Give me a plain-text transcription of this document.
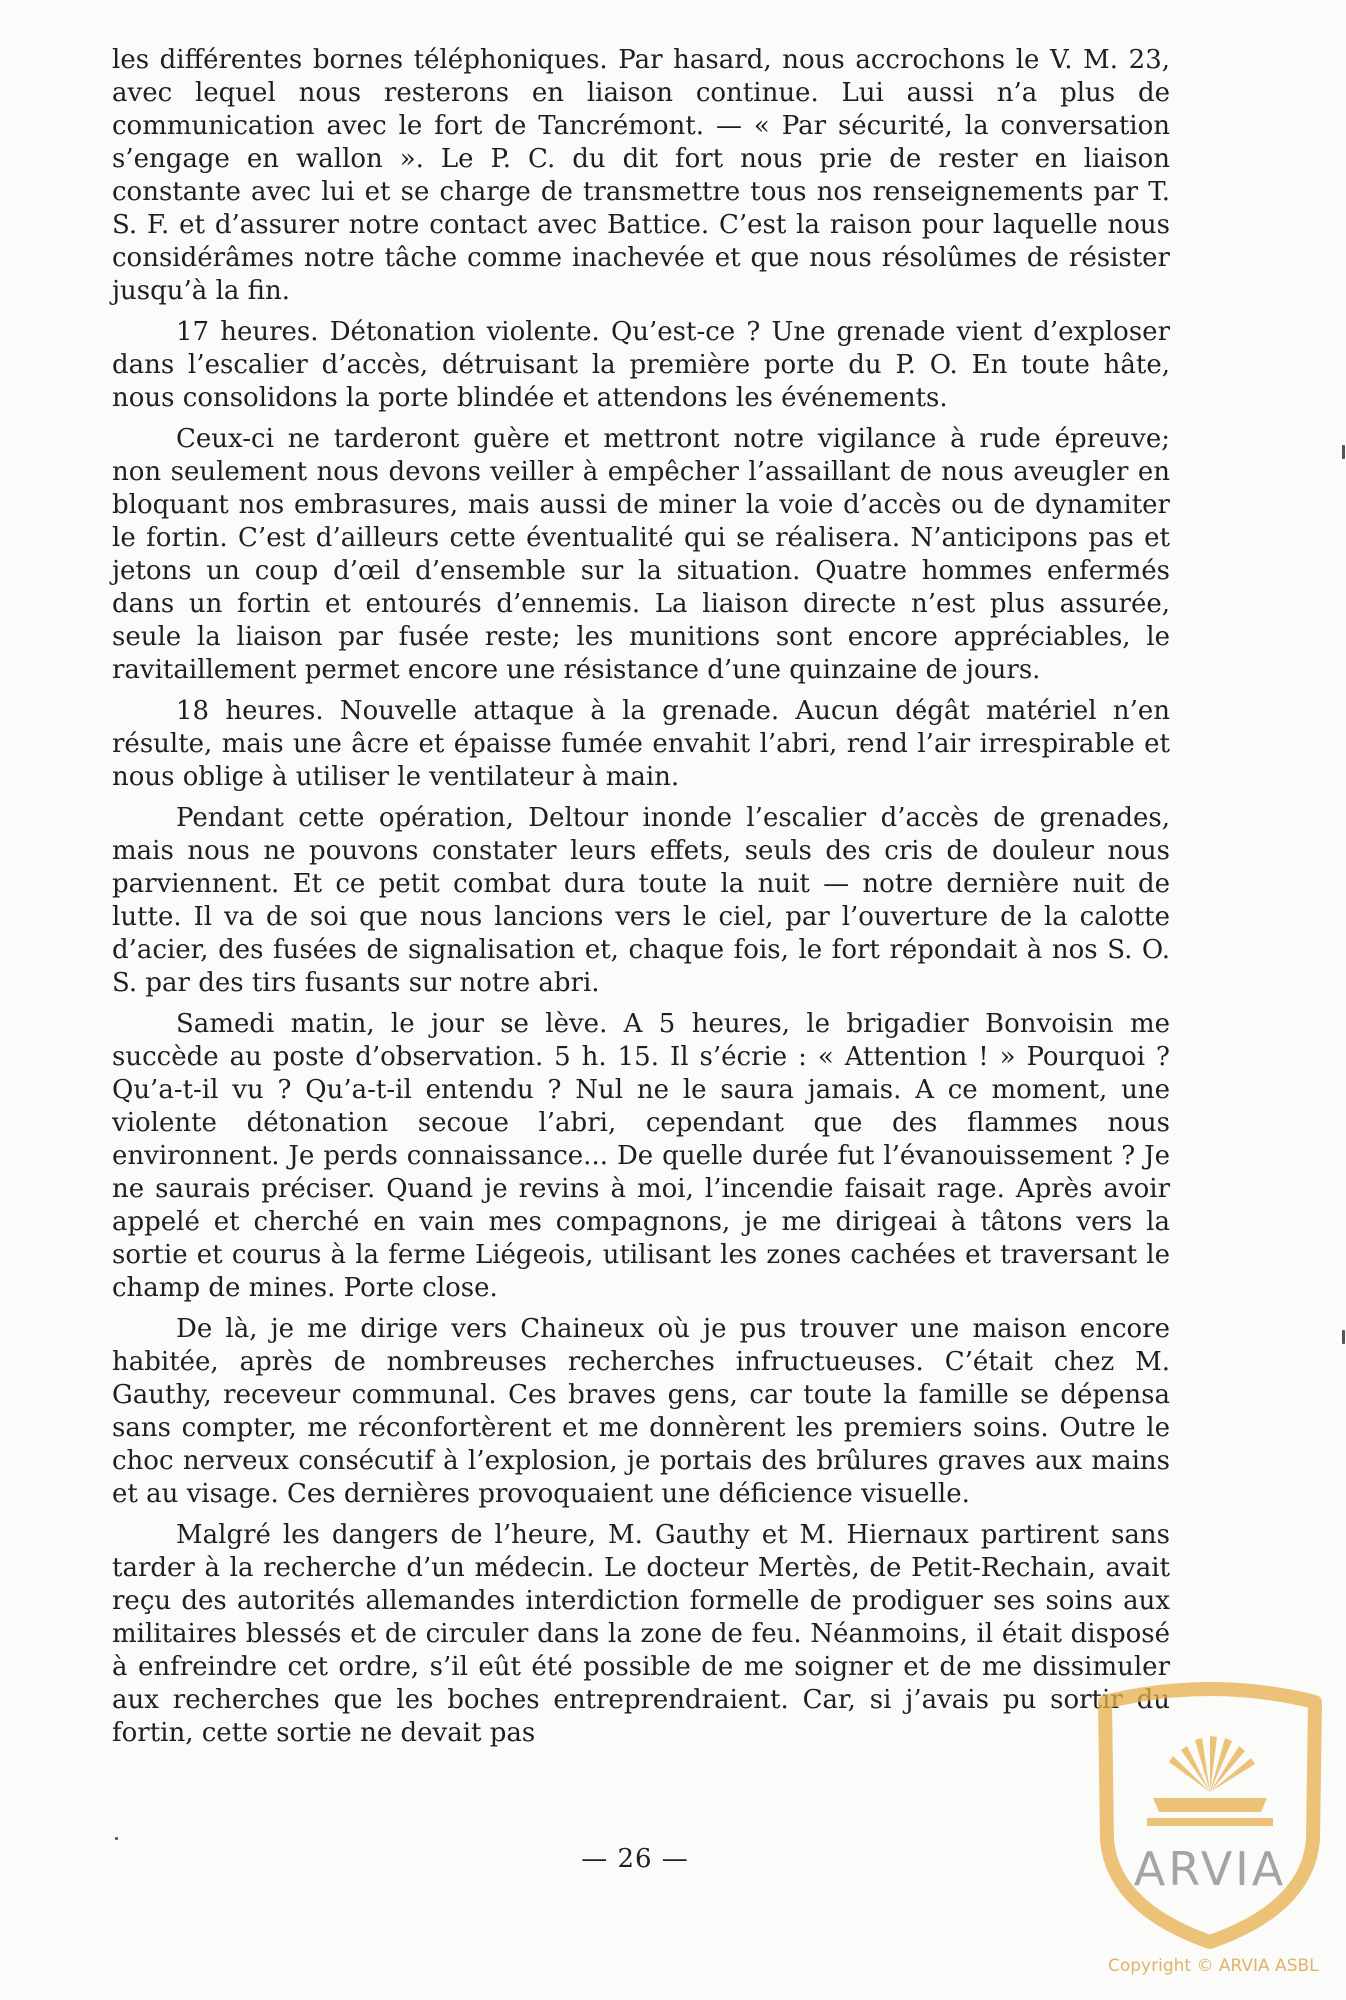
les différentes bornes téléphoniques. Par hasard, nous accrochons le V. M. 23, avec lequel nous resterons en liaison continue. Lui aussi n’a plus de communication avec le fort de Tancrémont. — « Par sécurité, la conversation s’engage en wallon ». Le P. C. du dit fort nous prie de rester en liaison constante avec lui et se charge de transmettre tous nos renseignements par T. S. F. et d’assurer notre contact avec Battice. C’est la raison pour laquelle nous considérâmes notre tâche comme inachevée et que nous résolûmes de résister jusqu’à la fin.

17 heures. Détonation violente. Qu’est-ce ? Une grenade vient d’exploser dans l’escalier d’accès, détruisant la première porte du P. O. En toute hâte, nous consolidons la porte blindée et attendons les événements.

Ceux-ci ne tarderont guère et mettront notre vigilance à rude épreuve; non seulement nous devons veiller à empêcher l’assaillant de nous aveugler en bloquant nos embrasures, mais aussi de miner la voie d’accès ou de dynamiter le fortin. C’est d’ailleurs cette éventualité qui se réalisera. N’anticipons pas et jetons un coup d’œil d’ensemble sur la situation. Quatre hommes enfermés dans un fortin et entourés d’ennemis. La liaison directe n’est plus assurée, seule la liaison par fusée reste; les munitions sont encore appréciables, le ravitaillement permet encore une résistance d’une quinzaine de jours.

18 heures. Nouvelle attaque à la grenade. Aucun dégât matériel n’en résulte, mais une âcre et épaisse fumée envahit l’abri, rend l’air irrespirable et nous oblige à utiliser le ventilateur à main.

Pendant cette opération, Deltour inonde l’escalier d’accès de grenades, mais nous ne pouvons constater leurs effets, seuls des cris de douleur nous parviennent. Et ce petit combat dura toute la nuit — notre dernière nuit de lutte. Il va de soi que nous lancions vers le ciel, par l’ouverture de la calotte d’acier, des fusées de signalisation et, chaque fois, le fort répondait à nos S. O. S. par des tirs fusants sur notre abri.

Samedi matin, le jour se lève. A 5 heures, le brigadier Bonvoisin me succède au poste d’observation. 5 h. 15. Il s’écrie : « Attention ! » Pourquoi ? Qu’a-t-il vu ? Qu’a-t-il entendu ? Nul ne le saura jamais. A ce moment, une violente détonation secoue l’abri, cependant que des flammes nous environnent. Je perds connaissance... De quelle durée fut l’évanouissement ? Je ne saurais préciser. Quand je revins à moi, l’incendie faisait rage. Après avoir appelé et cherché en vain mes compagnons, je me dirigeai à tâtons vers la sortie et courus à la ferme Liégeois, utilisant les zones cachées et traversant le champ de mines. Porte close.

De là, je me dirige vers Chaineux où je pus trouver une maison encore habitée, après de nombreuses recherches infructueuses. C’était chez M. Gauthy, receveur communal. Ces braves gens, car toute la famille se dépensa sans compter, me réconfortèrent et me donnèrent les premiers soins. Outre le choc nerveux consécutif à l’explosion, je portais des brûlures graves aux mains et au visage. Ces dernières provoquaient une déficience visuelle.

Malgré les dangers de l’heure, M. Gauthy et M. Hiernaux partirent sans tarder à la recherche d’un médecin. Le docteur Mertès, de Petit-Rechain, avait reçu des autorités allemandes interdiction formelle de prodiguer ses soins aux militaires blessés et de circuler dans la zone de feu. Néanmoins, il était disposé à enfreindre cet ordre, s’il eût été possible de me soigner et de me dissimuler aux recherches que les boches entreprendraient. Car, si j’avais pu sortir du fortin, cette sortie ne devait pas

— 26 —	ARVIA
Copyright © ARVIA ASBL
